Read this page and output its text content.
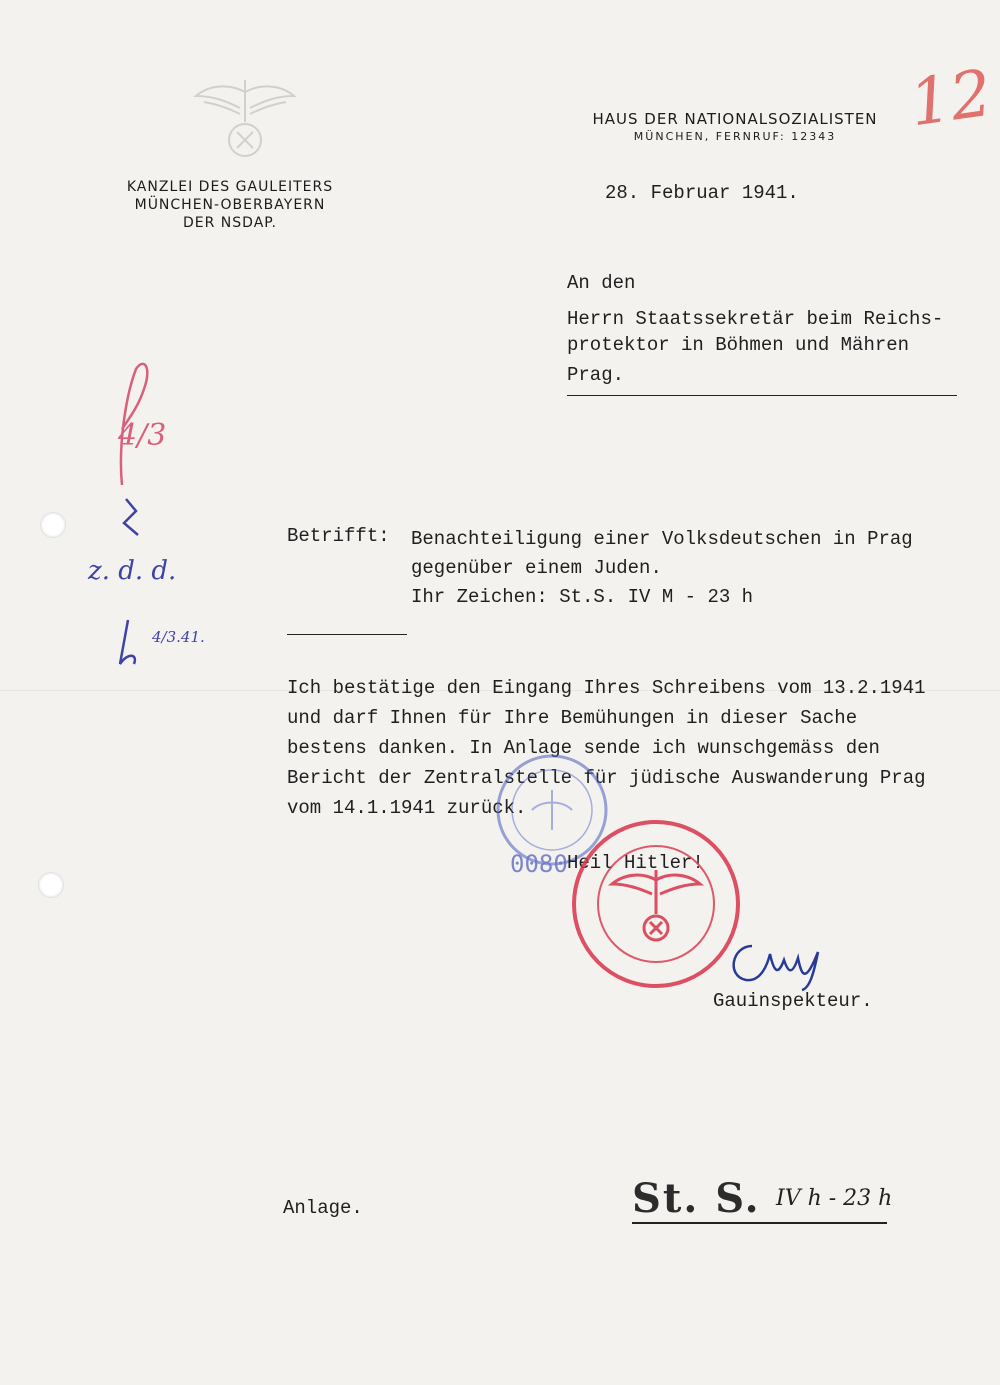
HAUS DER NATIONALSOZIALISTEN
MÜNCHEN, FERNRUF: 12343	12
KANZLEI DES GAULEITERS
MÜNCHEN-OBERBAYERN
DER NSDAP.
28. Februar 1941.
An den
Herrn Staatssekretär beim Reichs-
protektor in Böhmen und Mähren
Prag.
4/3
z. d. d.
4/3.41.
Betrifft: Benachteiligung einer Volksdeutschen in Prag
gegenüber einem Juden.
Ihr Zeichen: St.S. IV M - 23 h
Ich bestätige den Eingang Ihres Schreibens vom 13.2.1941
und darf Ihnen für Ihre Bemühungen in dieser Sache
bestens danken. In Anlage sende ich wunschgemäss den
Bericht der Zentralstelle für jüdische Auswanderung Prag
vom 14.1.1941 zurück.
0080 Heil Hitler!
Gauinspekteur.
Anlage.	St. S. IV h - 23 h
